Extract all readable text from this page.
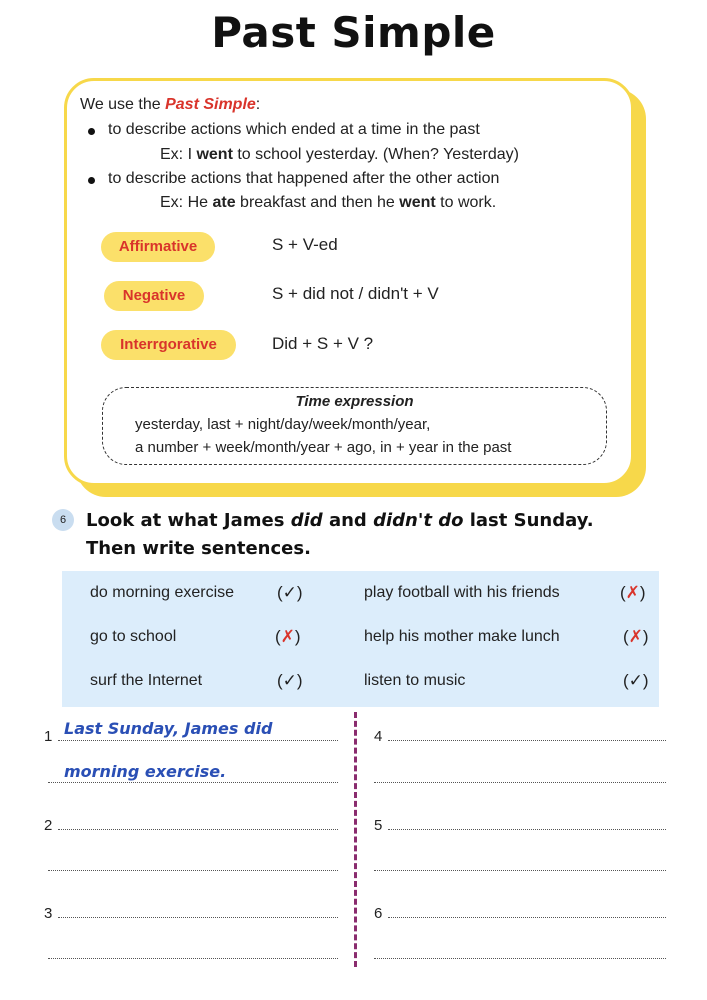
Past Simple
We use the Past Simple:
to describe actions which ended at a time in the past
Ex: I went to school yesterday. (When? Yesterday)
to describe actions that happened after the other action
Ex: He ate breakfast and then he went to work.
Affirmative	S + V-ed
Negative	S + did not / didn't + V
Interrgorative	Did + S + V ?
Time expression
yesterday, last + night/day/week/month/year,
a number + week/month/year + ago, in + year in the past
6	Look at what James did and didn't do last Sunday.
Then write sentences.
do morning exercise	(✓)	play football with his friends	(✗)
go to school	(✗)	help his mother make lunch	(✗)
surf the Internet	(✓)	listen to music	(✓)
1 Last Sunday, James did
morning exercise.
2
3
4
5
6
